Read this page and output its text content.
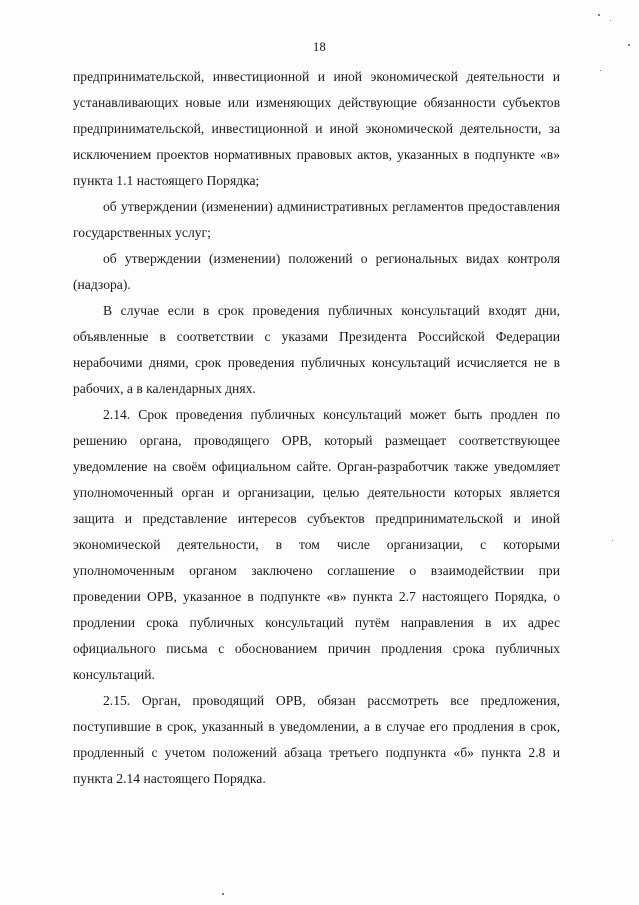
18

предпринимательской, инвестиционной и иной экономической деятельности и устанавливающих новые или изменяющих действующие обязанности субъектов предпринимательской, инвестиционной и иной экономической деятельности, за исключением проектов нормативных правовых актов, указанных в подпункте «в» пункта 1.1 настоящего Порядка;

об утверждении (изменении) административных регламентов предоставления государственных услуг;

об утверждении (изменении) положений о региональных видах контроля (надзора).

В случае если в срок проведения публичных консультаций входят дни, объявленные в соответствии с указами Президента Российской Федерации нерабочими днями, срок проведения публичных консультаций исчисляется не в рабочих, а в календарных днях.

2.14. Срок проведения публичных консультаций может быть продлен по решению органа, проводящего ОРВ, который размещает соответствующее уведомление на своём официальном сайте. Орган-разработчик также уведомляет уполномоченный орган и организации, целью деятельности которых является защита и представление интересов субъектов предпринимательской и иной экономической деятельности, в том числе организации, с которыми уполномоченным органом заключено соглашение о взаимодействии при проведении ОРВ, указанное в подпункте «в» пункта 2.7 настоящего Порядка, о продлении срока публичных консультаций путём направления в их адрес официального письма с обоснованием причин продления срока публичных консультаций.

2.15. Орган, проводящий ОРВ, обязан рассмотреть все предложения, поступившие в срок, указанный в уведомлении, а в случае его продления в срок, продленный с учетом положений абзаца третьего подпункта «б» пункта 2.8 и пункта 2.14 настоящего Порядка.
